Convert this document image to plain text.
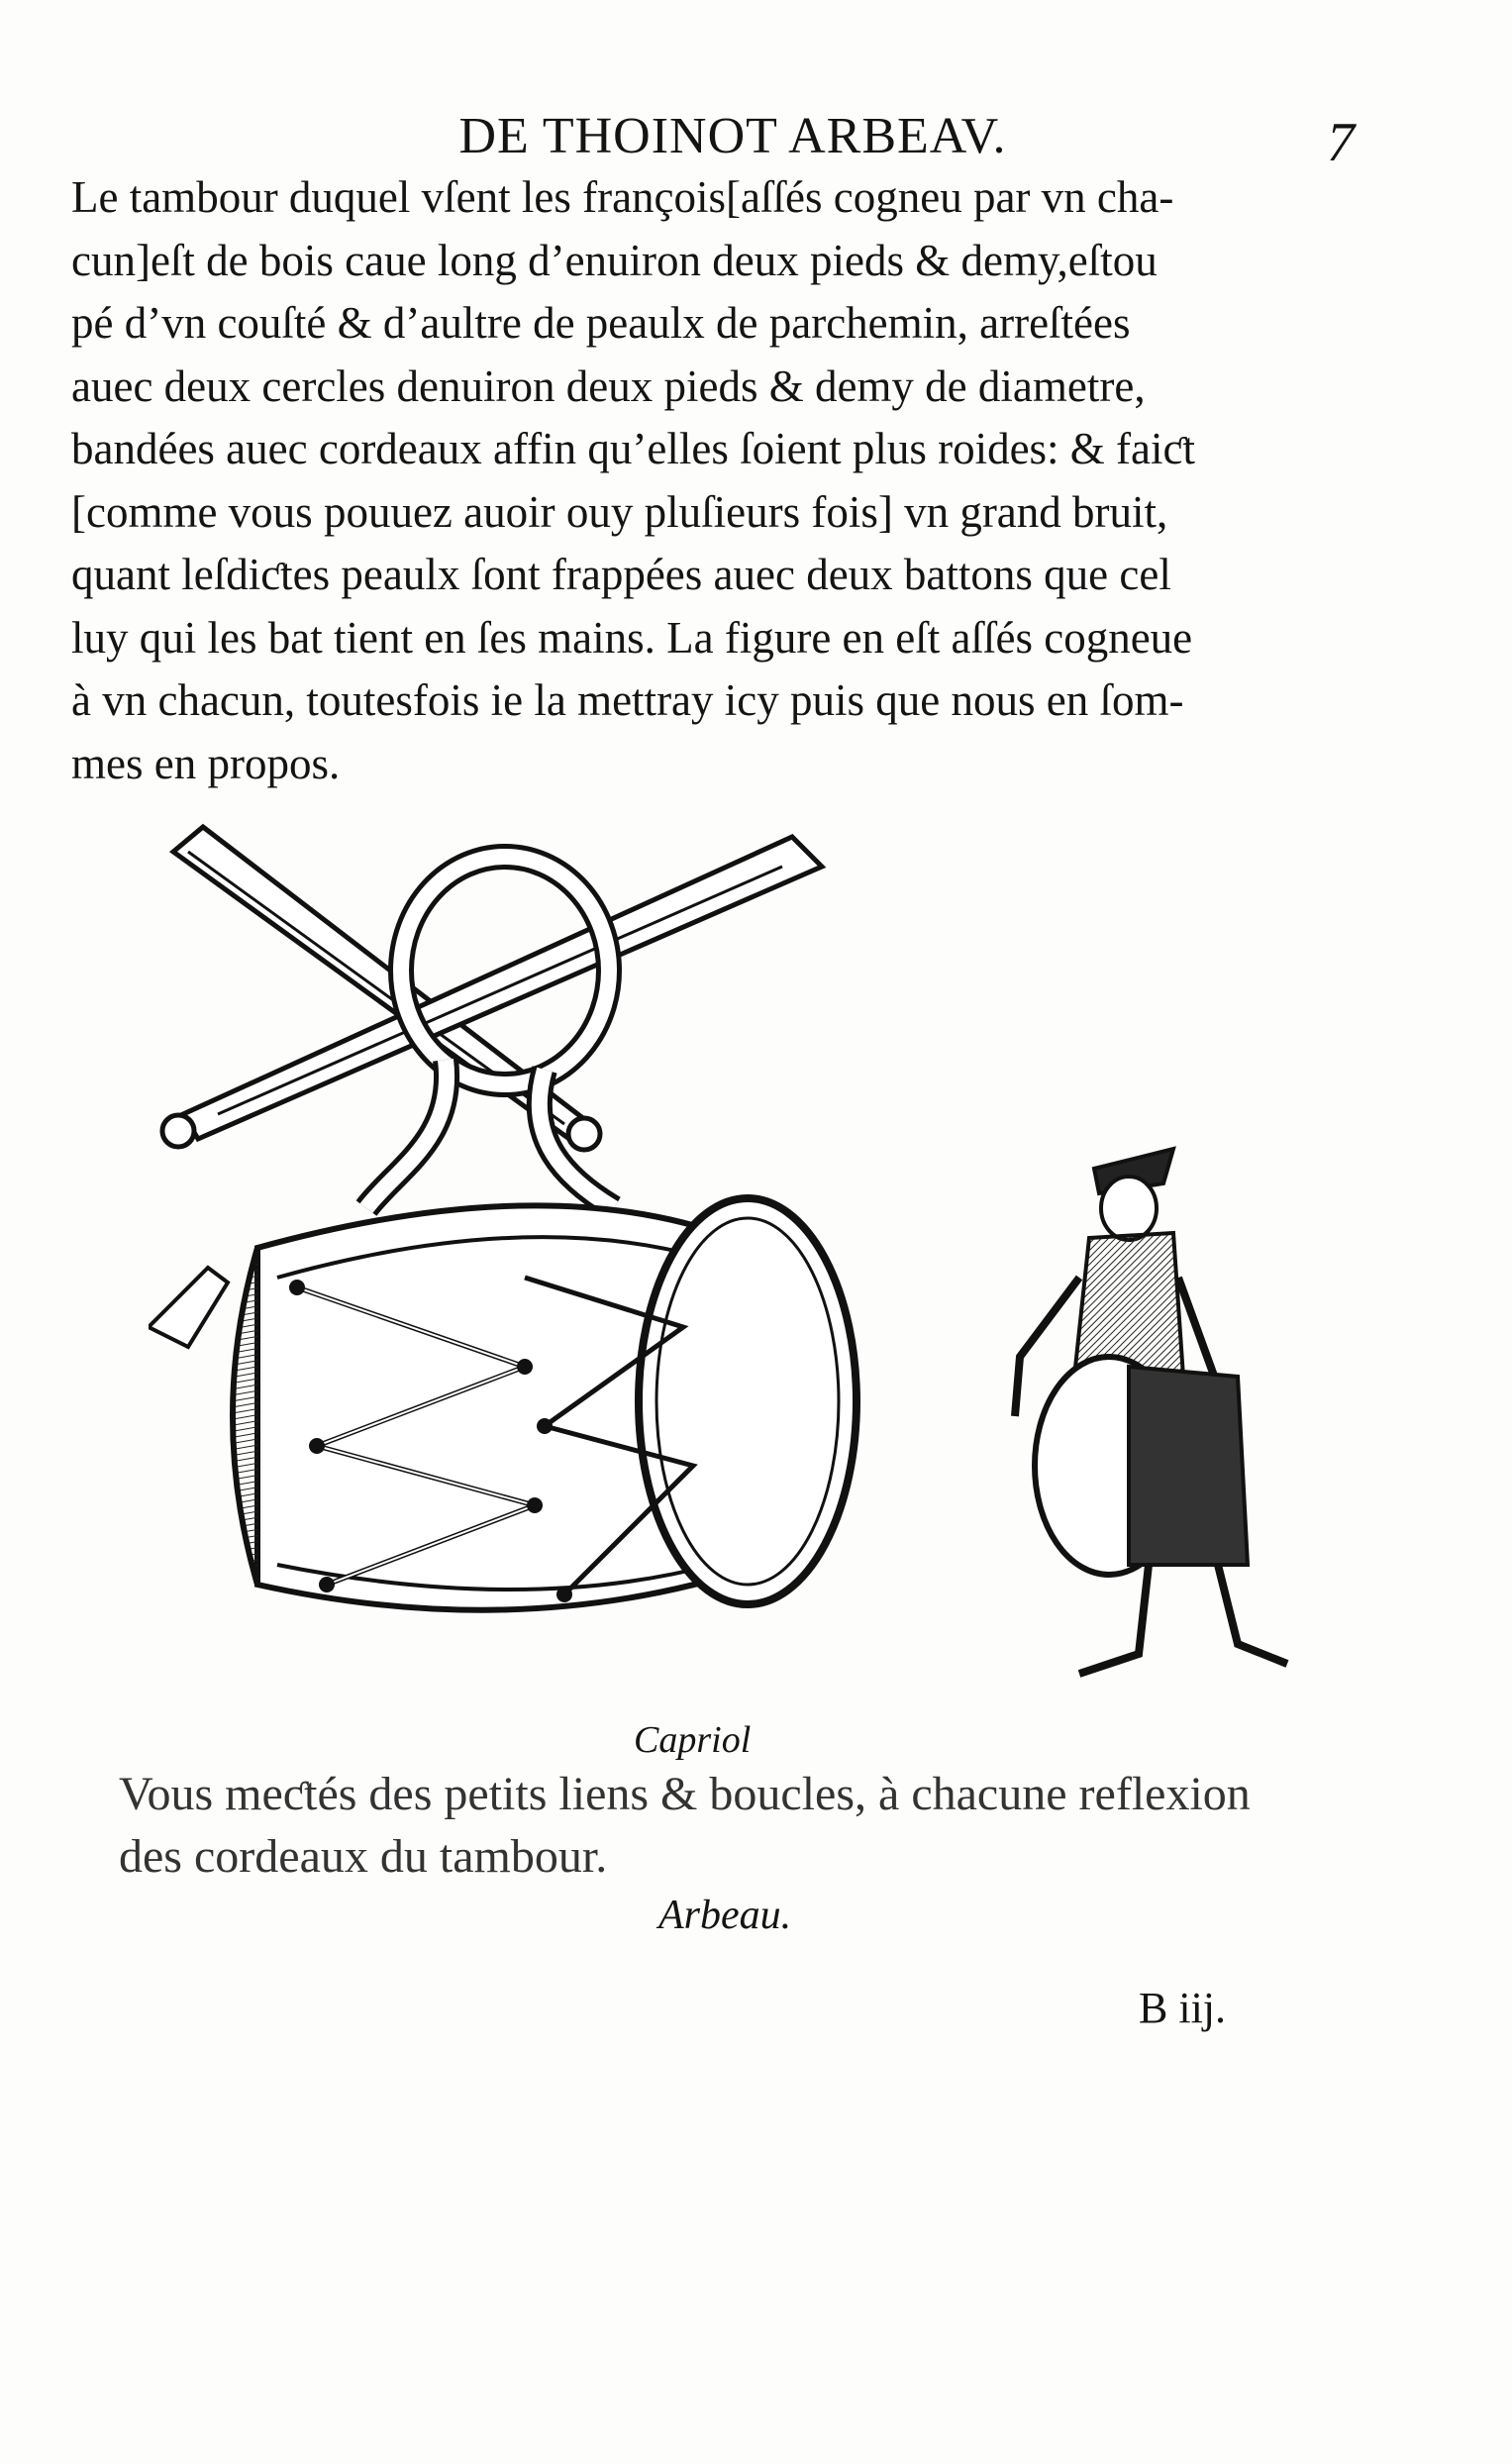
DE THOINOT ARBEAV.	7
Le tambour duquel vſent les françois[aſſés cogneu par vn cha-
cun]eſt de bois caue long d’enuiron deux pieds & demy,eſtou
pé d’vn couſté & d’aultre de peaulx de parchemin, arreſtées
auec deux cercles denuiron deux pieds & demy de diametre,
bandées auec cordeaux affin qu’elles ſoient plus roides: & faiƈt
[comme vous pouuez auoir ouy pluſieurs fois] vn grand bruit,
quant leſdiƈtes peaulx ſont frappées auec deux battons que cel
luy qui les bat tient en ſes mains. La figure en eſt aſſés cogneue
à vn chacun, toutesfois ie la mettray icy puis que nous en ſom-
mes en propos.
Capriol
Vous meƈtés des petits liens & boucles, à chacune reflexion
des cordeaux du tambour.
Arbeau.
B iij.
